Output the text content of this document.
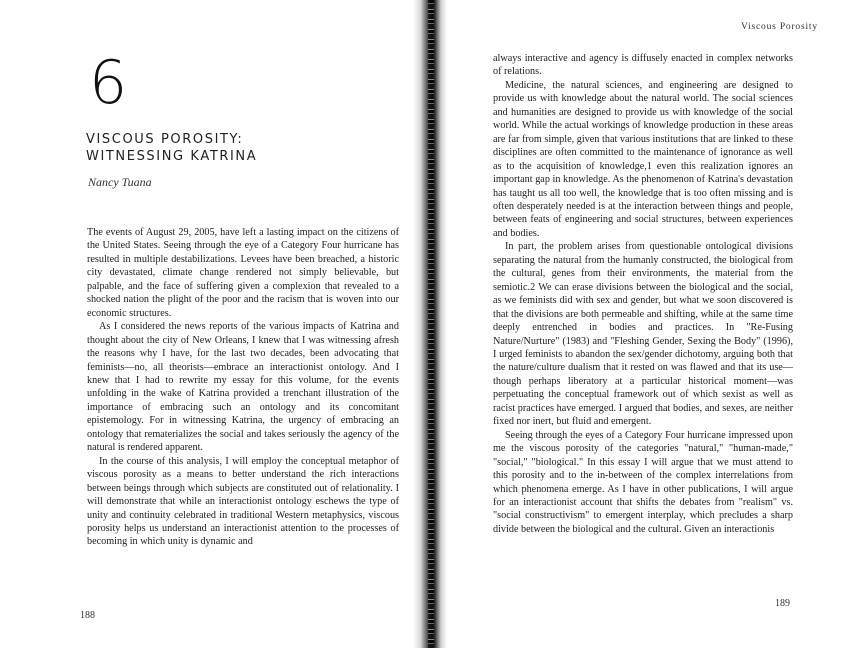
6
VISCOUS POROSITY:
WITNESSING KATRINA
Nancy Tuana

The events of August 29, 2005, have left a lasting impact on the citizens of the United States. Seeing through the eye of a Category Four hurricane has resulted in multiple destabilizations. Levees have been breached, a historic city devastated, climate change rendered not simply believable, but palpable, and the face of suffering given a complexion that revealed to a shocked nation the plight of the poor and the racism that is woven into our economic structures.

As I considered the news reports of the various impacts of Katrina and thought about the city of New Orleans, I knew that I was witnessing afresh the reasons why I have, for the last two decades, been advocating that feminists—no, all theorists—embrace an interactionist ontology. And I knew that I had to rewrite my essay for this volume, for the events unfolding in the wake of Katrina provided a trenchant illustration of the importance of embracing such an ontology and its concomitant epistemology. For in witnessing Katrina, the urgency of embracing an ontology that rematerializes the social and takes seriously the agency of the natural is rendered apparent.

In the course of this analysis, I will employ the conceptual metaphor of viscous porosity as a means to better understand the rich interactions between beings through which subjects are constituted out of relationality. I will demonstrate that while an interactionist ontology eschews the type of unity and continuity celebrated in traditional Western metaphysics, viscous porosity helps us understand an interactionist attention to the processes of becoming in which unity is dynamic and

188
Viscous Porosity

always interactive and agency is diffusely enacted in complex networks of relations.

Medicine, the natural sciences, and engineering are designed to provide us with knowledge about the natural world. The social sciences and humanities are designed to provide us with knowledge of the social world. While the actual workings of knowledge production in these areas are far from simple, given that various institutions that are linked to these disciplines are often committed to the maintenance of ignorance as well as to the acquisition of knowledge,1 even this realization ignores an important gap in knowledge. As the phenomenon of Katrina's devastation has taught us all too well, the knowledge that is too often missing and is often desperately needed is at the interaction between things and people, between feats of engineering and social structures, between experiences and bodies.

In part, the problem arises from questionable ontological divisions separating the natural from the humanly constructed, the biological from the cultural, genes from their environments, the material from the semiotic.2 We can erase divisions between the biological and the social, as we feminists did with sex and gender, but what we soon discovered is that the divisions are both permeable and shifting, while at the same time deeply entrenched in bodies and practices. In "Re-Fusing Nature/Nurture" (1983) and "Fleshing Gender, Sexing the Body" (1996), I urged feminists to abandon the sex/gender dichotomy, arguing both that the nature/culture dualism that it rested on was flawed and that its use—though perhaps liberatory at a particular historical moment—was perpetuating the conceptual framework out of which sexist as well as racist practices have emerged. I argued that bodies, and sexes, are neither fixed nor inert, but fluid and emergent.

Seeing through the eyes of a Category Four hurricane impressed upon me the viscous porosity of the categories "natural," "human-made," "social," "biological." In this essay I will argue that we must attend to this porosity and to the in-between of the complex interrelations from which phenomena emerge. As I have in other publications, I will argue for an interactionist account that shifts the debates from "realism" vs. "social constructivism" to emergent interplay, which precludes a sharp divide between the biological and the cultural. Given an interactionis

189
